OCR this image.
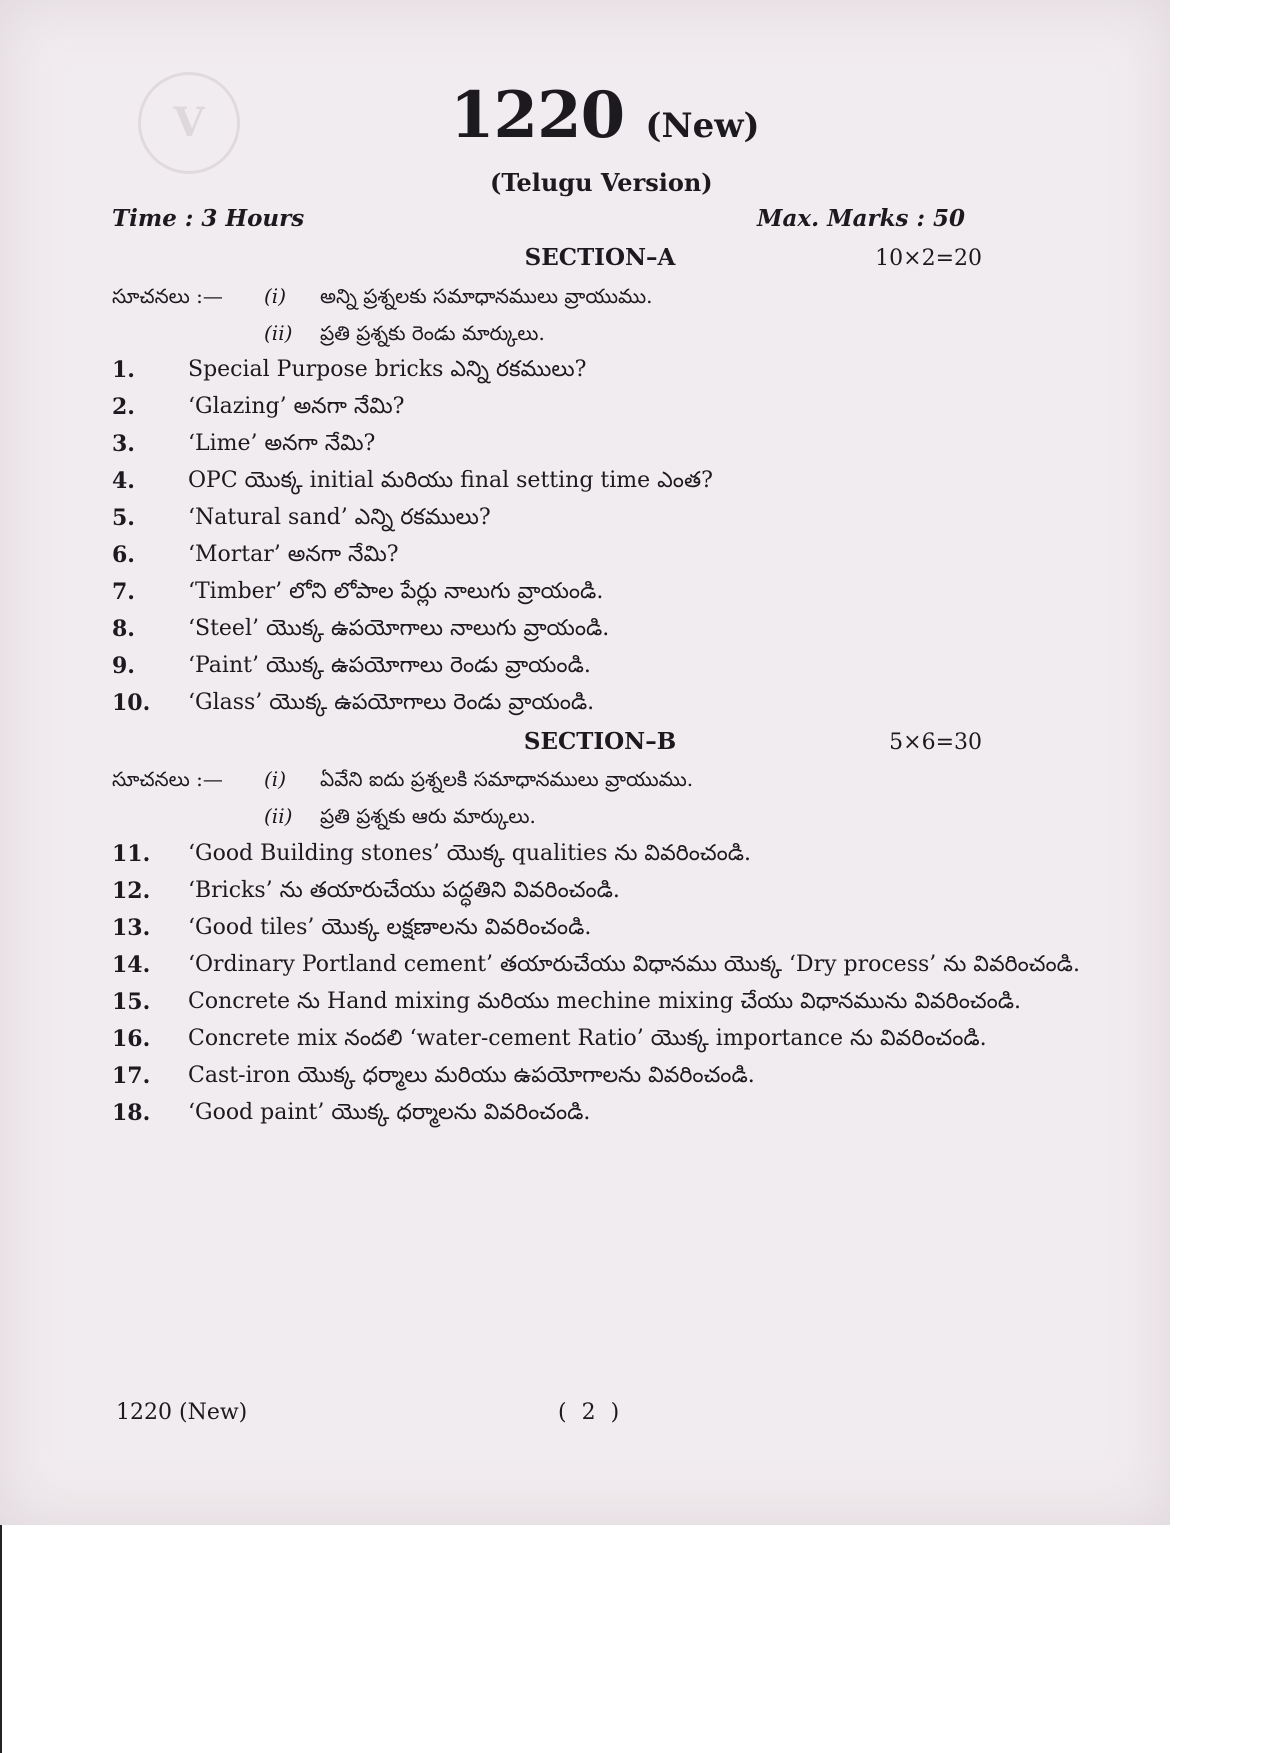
V	1220 (New)
(Telugu Version)
Time : 3 Hours	Max. Marks : 50
SECTION–A	10×2=20
సూచనలు :— (i) అన్ని ప్రశ్నలకు సమాధానములు వ్రాయుము.
(ii) ప్రతి ప్రశ్నకు రెండు మార్కులు.
1. Special Purpose bricks ఎన్ని రకములు?
2. ‘Glazing’ అనగా నేమి?
3. ‘Lime’ అనగా నేమి?
4. OPC యొక్క initial మరియు final setting time ఎంత?
5. ‘Natural sand’ ఎన్ని రకములు?
6. ‘Mortar’ అనగా నేమి?
7. ‘Timber’ లోని లోపాల పేర్లు నాలుగు వ్రాయండి.
8. ‘Steel’ యొక్క ఉపయోగాలు నాలుగు వ్రాయండి.
9. ‘Paint’ యొక్క ఉపయోగాలు రెండు వ్రాయండి.
10. ‘Glass’ యొక్క ఉపయోగాలు రెండు వ్రాయండి.
SECTION–B	5×6=30
సూచనలు :— (i) ఏవేని ఐదు ప్రశ్నలకి సమాధానములు వ్రాయుము.
(ii) ప్రతి ప్రశ్నకు ఆరు మార్కులు.
11. ‘Good Building stones’ యొక్క qualities ను వివరించండి.
12. ‘Bricks’ ను తయారుచేయు పద్ధతిని వివరించండి.
13. ‘Good tiles’ యొక్క లక్షణాలను వివరించండి.
14. ‘Ordinary Portland cement’ తయారుచేయు విధానము యొక్క ‘Dry process’ ను వివరించండి.
15. Concrete ను Hand mixing మరియు mechine mixing చేయు విధానమును వివరించండి.
16. Concrete mix నందలి ‘water-cement Ratio’ యొక్క importance ను వివరించండి.
17. Cast-iron యొక్క ధర్మాలు మరియు ఉపయోగాలను వివరించండి.
18. ‘Good paint’ యొక్క ధర్మాలను వివరించండి.
1220 (New)	( 2 )
